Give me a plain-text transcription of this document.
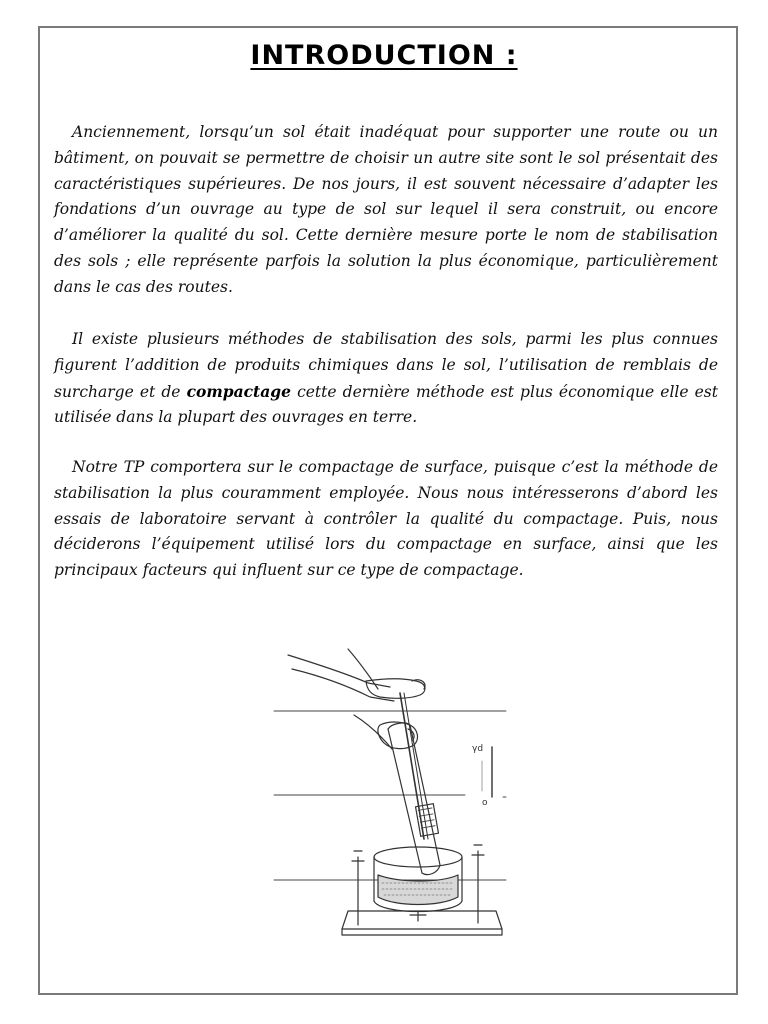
INTRODUCTION :

Anciennement, lorsqu’un sol était inadéquat pour supporter une route ou un bâtiment, on pouvait se permettre de choisir un autre site sont le sol présentait des caractéristiques supérieures. De nos jours, il est souvent nécessaire d’adapter les fondations d’un ouvrage au type de sol sur lequel il sera construit, ou encore d’améliorer la qualité du sol. Cette dernière mesure porte le nom de stabilisation des sols ; elle représente parfois la solution la plus économique, particulièrement dans le cas des routes.

Il existe plusieurs méthodes de stabilisation des sols, parmi les plus connues figurent l’addition de produits chimiques dans le sol, l’utilisation de remblais de surcharge et de compactage cette dernière méthode est plus économique elle est utilisée dans la plupart des ouvrages en terre.

Notre TP comportera sur le compactage de surface, puisque c’est la méthode de stabilisation la plus couramment employée. Nous nous intéresserons d’abord les essais de laboratoire servant à contrôler la qualité du compactage. Puis, nous déciderons l’équipement utilisé lors du compactage en surface, ainsi que les principaux facteurs qui influent sur ce type de compactage.

γd
o
